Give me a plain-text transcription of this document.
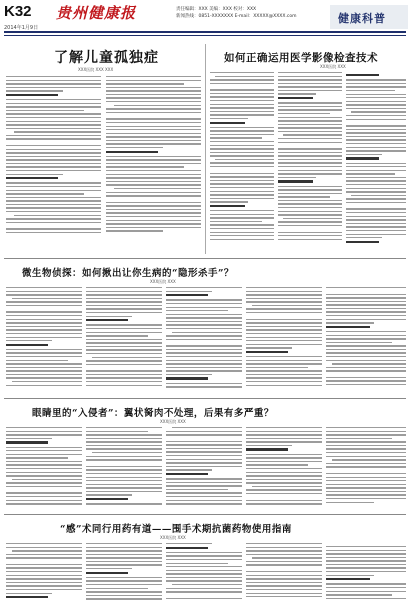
K32
2014年1月9日
贵州健康报	责任编辑：XXX 美编：XXX 校对：XXX
新闻热线：0851-XXXXXXX E-mail：XXXXX@XXXX.com	健康科普
了解儿童孤独症
XXX医院 XXX XXX
如何正确运用医学影像检查技术
XXX医院 XXX
微生物侦探：如何揪出让你生病的“隐形杀手”？
XXX医院 XXX
眼睛里的“入侵者”：翼状胬肉不处理，后果有多严重？
XXX医院 XXX
“感”术同行用药有道——围手术期抗菌药物使用指南
XXX医院 XXX
